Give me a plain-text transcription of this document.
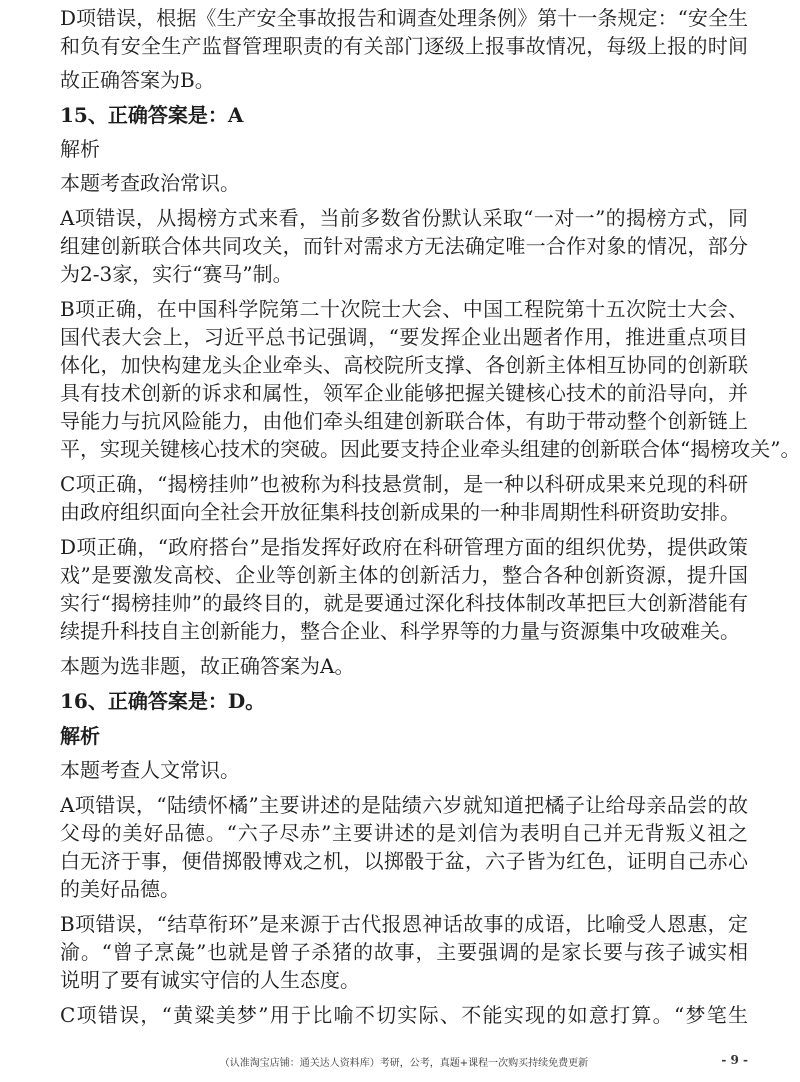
D项错误，根据《生产安全事故报告和调查处理条例》第十一条规定：“安全生
和负有安全生产监督管理职责的有关部门逐级上报事故情况，每级上报的时间
故正确答案为B。
15、正确答案是：A
解析
本题考查政治常识。
A项错误，从揭榜方式来看，当前多数省份默认采取“一对一”的揭榜方式，同
组建创新联合体共同攻关，而针对需求方无法确定唯一合作对象的情况，部分
为2-3家，实行“赛马”制。
B项正确，在中国科学院第二十次院士大会、中国工程院第十五次院士大会、
国代表大会上，习近平总书记强调，“要发挥企业出题者作用，推进重点项目
体化，加快构建龙头企业牵头、高校院所支撑、各创新主体相互协同的创新联
具有技术创新的诉求和属性，领军企业能够把握关键核心技术的前沿导向，并
导能力与抗风险能力，由他们牵头组建创新联合体，有助于带动整个创新链上
平，实现关键核心技术的突破。因此要支持企业牵头组建的创新联合体“揭榜攻关”。
C项正确，“揭榜挂帅”也被称为科技悬赏制，是一种以科研成果来兑现的科研
由政府组织面向全社会开放征集科技创新成果的一种非周期性科研资助安排。
D项正确，“政府搭台”是指发挥好政府在科研管理方面的组织优势，提供政策
戏”是要激发高校、企业等创新主体的创新活力，整合各种创新资源，提升国
实行“揭榜挂帅”的最终目的，就是要通过深化科技体制改革把巨大创新潜能有
续提升科技自主创新能力，整合企业、科学界等的力量与资源集中攻破难关。
本题为选非题，故正确答案为A。
16、正确答案是：D。
解析
本题考查人文常识。
A项错误，“陆绩怀橘”主要讲述的是陆绩六岁就知道把橘子让给母亲品尝的故
父母的美好品德。“六子尽赤”主要讲述的是刘信为表明自己并无背叛义祖之
白无济于事，便借掷骰博戏之机，以掷骰于盆，六子皆为红色，证明自己赤心
的美好品德。
B项错误，“结草衔环”是来源于古代报恩神话故事的成语，比喻受人恩惠，定
渝。“曾子烹彘”也就是曾子杀猪的故事，主要强调的是家长要与孩子诚实相
说明了要有诚实守信的人生态度。
C项错误，“黄粱美梦”用于比喻不切实际、不能实现的如意打算。“梦笔生
（认准淘宝店铺：通关达人资料库）考研，公考，真题+课程一次购买持续免费更新	- 9 -
